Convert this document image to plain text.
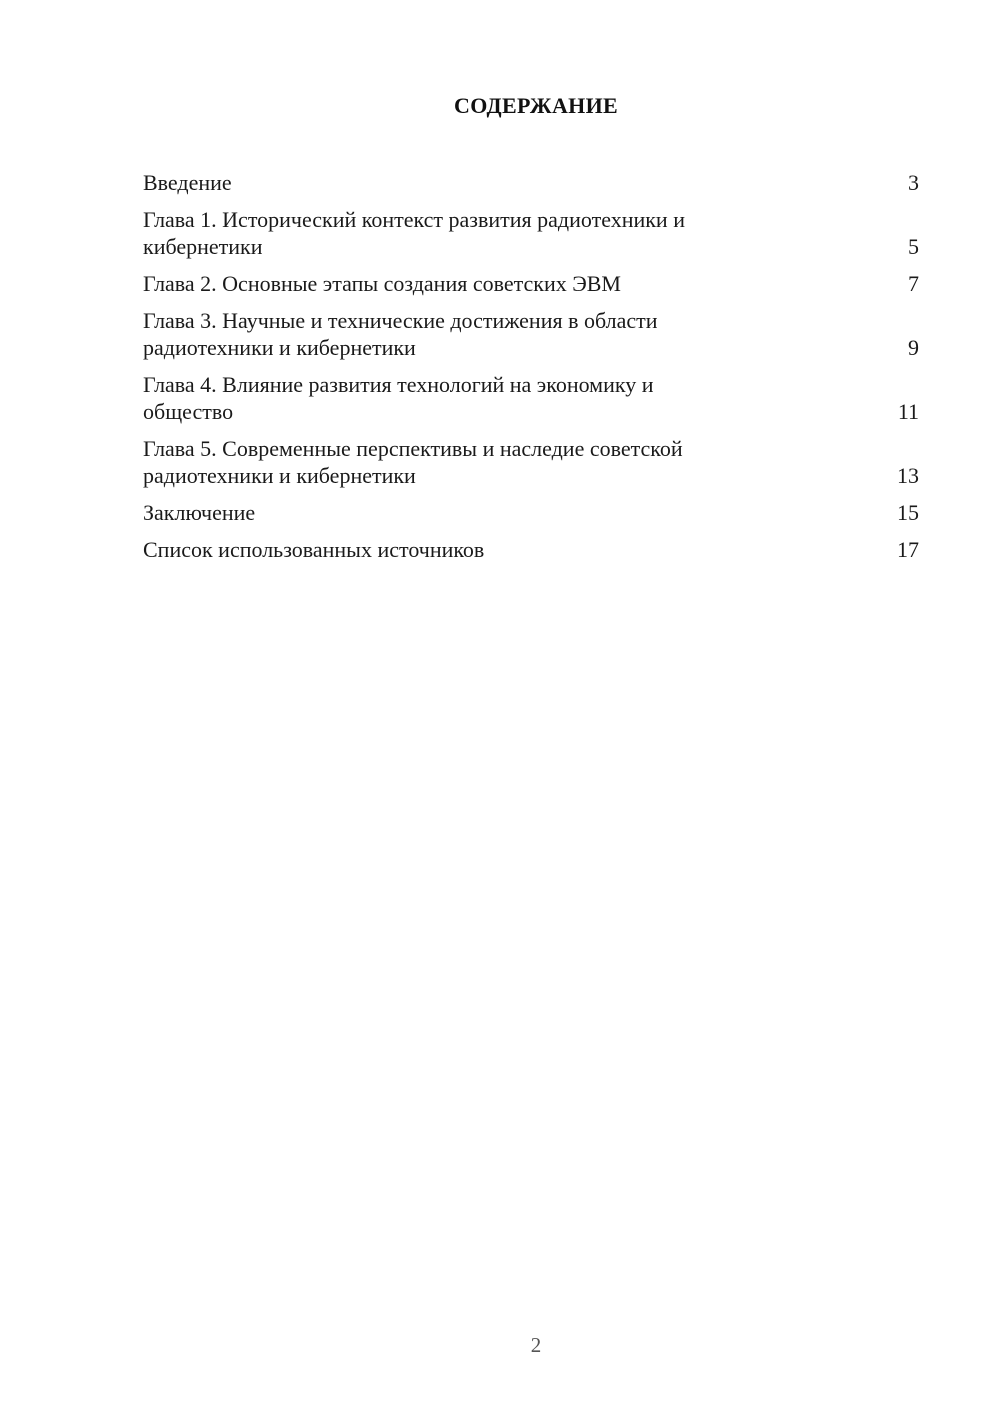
СОДЕРЖАНИЕ
Введение	3
Глава 1. Исторический контекст развития радиотехники и
кибернетики	5
Глава 2. Основные этапы создания советских ЭВМ	7
Глава 3. Научные и технические достижения в области
радиотехники и кибернетики	9
Глава 4. Влияние развития технологий на экономику и
общество	11
Глава 5. Современные перспективы и наследие советской
радиотехники и кибернетики	13
Заключение	15
Список использованных источников	17
2
